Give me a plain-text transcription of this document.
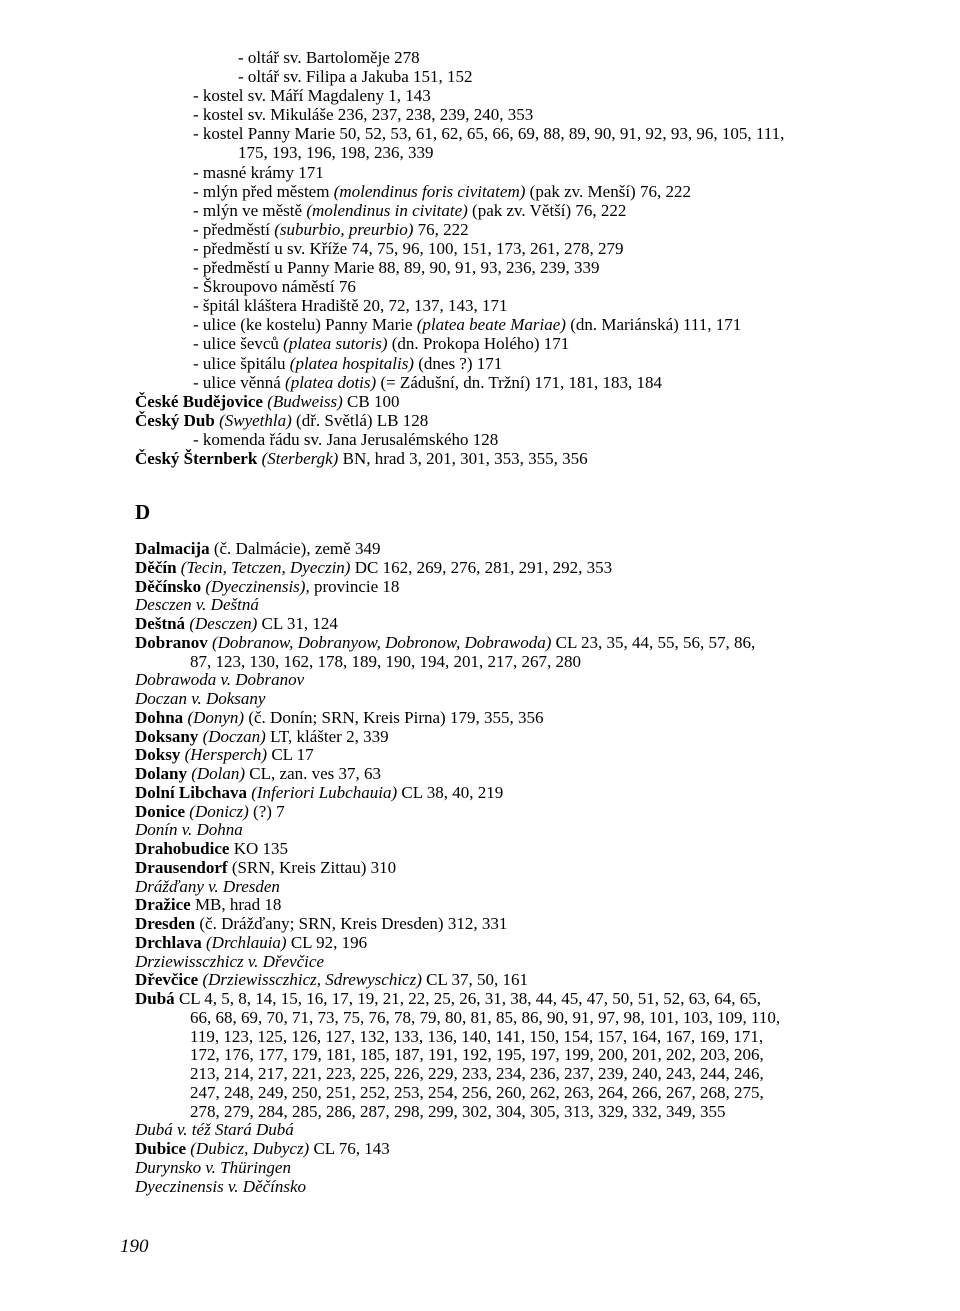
- oltář sv. Bartoloměje 278
- oltář sv. Filipa a Jakuba 151, 152
- kostel sv. Máří Magdaleny 1, 143
- kostel sv. Mikuláše 236, 237, 238, 239, 240, 353
- kostel Panny Marie 50, 52, 53, 61, 62, 65, 66, 69, 88, 89, 90, 91, 92, 93, 96, 105, 111,
175, 193, 196, 198, 236, 339
- masné krámy 171
- mlýn před městem (molendinus foris civitatem) (pak zv. Menší) 76, 222
- mlýn ve městě (molendinus in civitate) (pak zv. Větší) 76, 222
- předměstí (suburbio, preurbio) 76, 222
- předměstí u sv. Kříže 74, 75, 96, 100, 151, 173, 261, 278, 279
- předměstí u Panny Marie 88, 89, 90, 91, 93, 236, 239, 339
- Škroupovo náměstí 76
- špitál kláštera Hradiště 20, 72, 137, 143, 171
- ulice (ke kostelu) Panny Marie (platea beate Mariae) (dn. Mariánská) 111, 171
- ulice ševců (platea sutoris) (dn. Prokopa Holého) 171
- ulice špitálu (platea hospitalis) (dnes ?) 171
- ulice věnná (platea dotis) (= Zádušní, dn. Tržní) 171, 181, 183, 184
České Budějovice (Budweiss) CB 100
Český Dub (Swyethla) (dř. Světlá) LB 128
- komenda řádu sv. Jana Jerusalémského 128
Český Šternberk (Sterbergk) BN, hrad 3, 201, 301, 353, 355, 356
D
Dalmacija (č. Dalmácie), země 349
Děčín (Tecin, Tetczen, Dyeczin) DC 162, 269, 276, 281, 291, 292, 353
Děčínsko (Dyeczinensis), provincie 18
Desczen v. Deštná
Deštná (Desczen) CL 31, 124
Dobranov (Dobranow, Dobranyow, Dobronow, Dobrawoda) CL 23, 35, 44, 55, 56, 57, 86,
87, 123, 130, 162, 178, 189, 190, 194, 201, 217, 267, 280
Dobrawoda v. Dobranov
Doczan v. Doksany
Dohna (Donyn) (č. Donín; SRN, Kreis Pirna) 179, 355, 356
Doksany (Doczan) LT, klášter 2, 339
Doksy (Hersperch) CL 17
Dolany (Dolan) CL, zan. ves 37, 63
Dolní Libchava (Inferiori Lubchauia) CL 38, 40, 219
Donice (Donicz) (?) 7
Donín v. Dohna
Drahobudice KO 135
Drausendorf (SRN, Kreis Zittau) 310
Drážďany v. Dresden
Dražice MB, hrad 18
Dresden (č. Drážďany; SRN, Kreis Dresden) 312, 331
Drchlava (Drchlauia) CL 92, 196
Drziewissczhicz v. Dřevčice
Dřevčice (Drziewissczhicz, Sdrewyschicz) CL 37, 50, 161
Dubá CL 4, 5, 8, 14, 15, 16, 17, 19, 21, 22, 25, 26, 31, 38, 44, 45, 47, 50, 51, 52, 63, 64, 65,
66, 68, 69, 70, 71, 73, 75, 76, 78, 79, 80, 81, 85, 86, 90, 91, 97, 98, 101, 103, 109, 110,
119, 123, 125, 126, 127, 132, 133, 136, 140, 141, 150, 154, 157, 164, 167, 169, 171,
172, 176, 177, 179, 181, 185, 187, 191, 192, 195, 197, 199, 200, 201, 202, 203, 206,
213, 214, 217, 221, 223, 225, 226, 229, 233, 234, 236, 237, 239, 240, 243, 244, 246,
247, 248, 249, 250, 251, 252, 253, 254, 256, 260, 262, 263, 264, 266, 267, 268, 275,
278, 279, 284, 285, 286, 287, 298, 299, 302, 304, 305, 313, 329, 332, 349, 355
Dubá v. též Stará Dubá
Dubice (Dubicz, Dubycz) CL 76, 143
Durynsko v. Thüringen
Dyeczinensis v. Děčínsko
190
